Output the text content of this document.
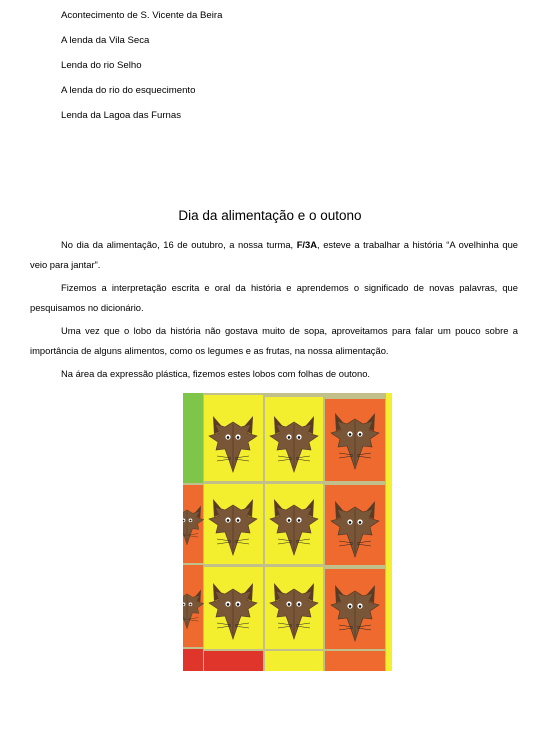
Acontecimento de S. Vicente da Beira
A lenda da Vila Seca
Lenda do rio Selho
A lenda do rio do esquecimento
Lenda da Lagoa das Furnas
Dia da alimentação e o outono
No dia da alimentação, 16 de outubro, a nossa turma, F/3A, esteve a trabalhar a história “A ovelhinha que veio para jantar”.
Fizemos a interpretação escrita e oral da história e aprendemos o significado de novas palavras, que pesquisamos no dicionário.
Uma vez que o lobo da história não gostava muito de sopa, aproveitamos para falar um pouco sobre a importância de alguns alimentos, como os legumes e as frutas, na nossa alimentação.
Na área da expressão plástica, fizemos estes lobos com folhas de outono.
